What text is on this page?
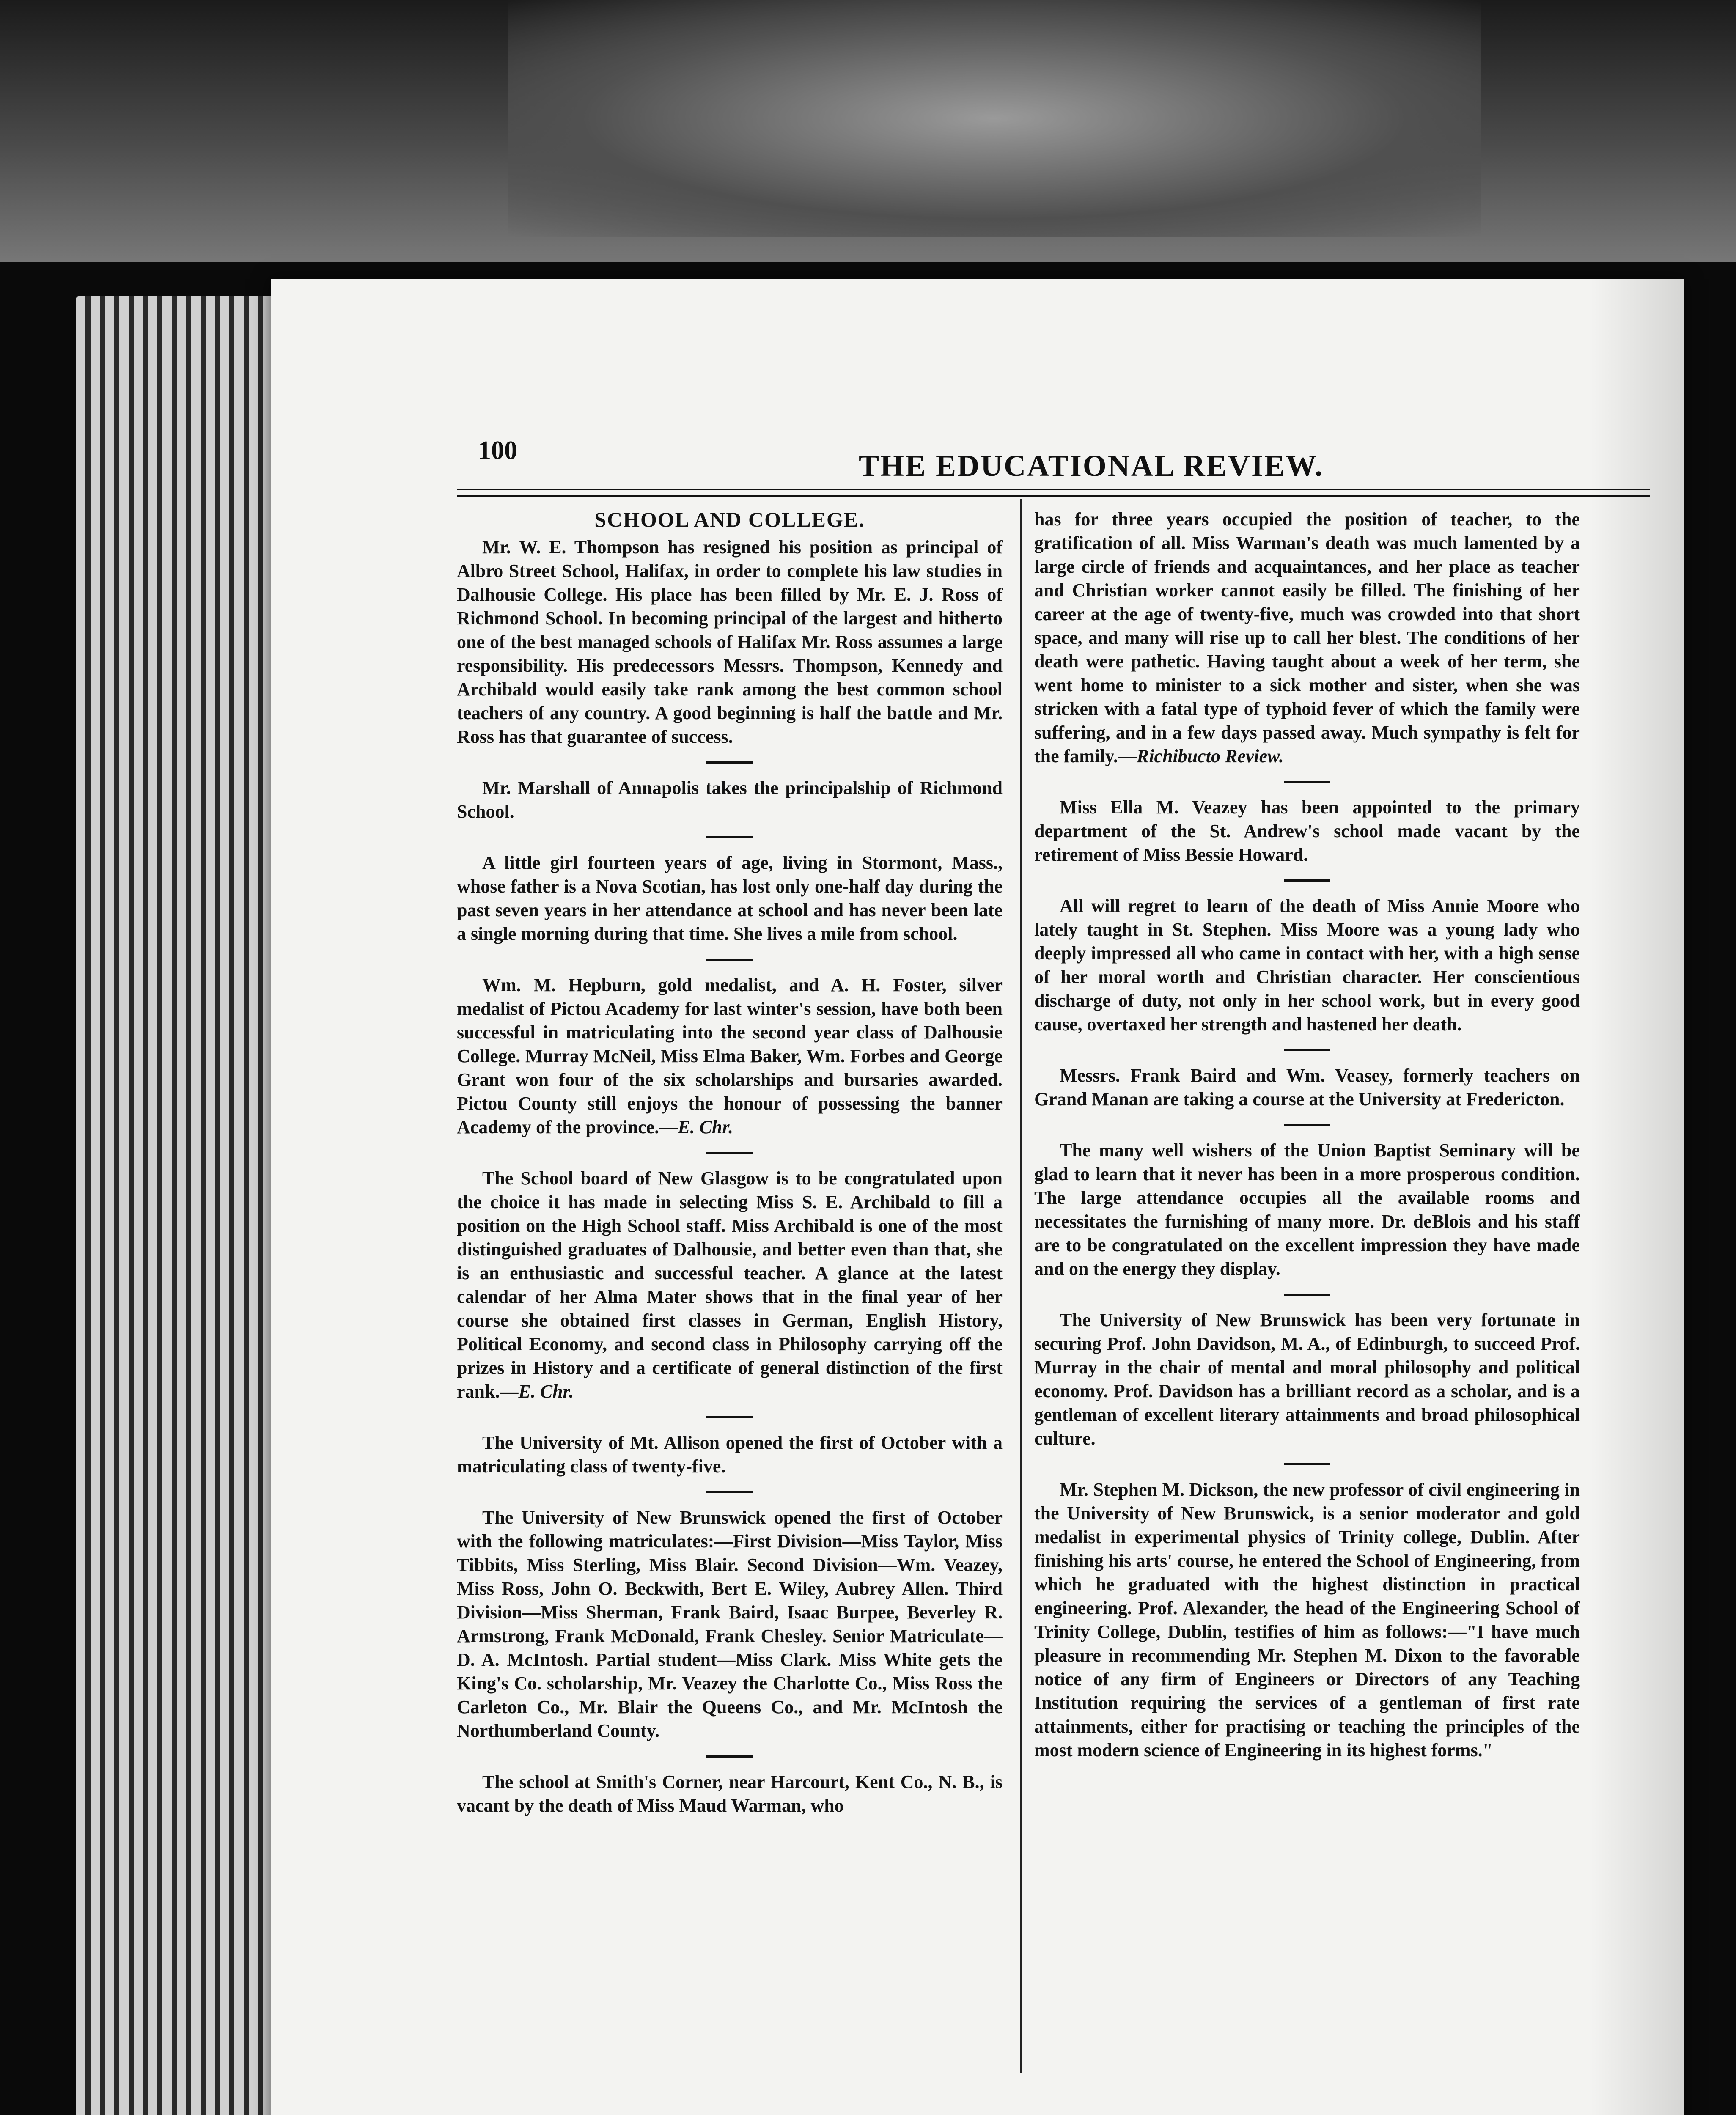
100	THE EDUCATIONAL REVIEW.
SCHOOL AND COLLEGE.

Mr. W. E. Thompson has resigned his position as principal of Albro Street School, Halifax, in order to complete his law studies in Dalhousie College. His place has been filled by Mr. E. J. Ross of Richmond School. In becoming principal of the largest and hitherto one of the best managed schools of Halifax Mr. Ross assumes a large responsibility. His predecessors Messrs. Thompson, Kennedy and Archibald would easily take rank among the best common school teachers of any country. A good beginning is half the battle and Mr. Ross has that guarantee of success.

Mr. Marshall of Annapolis takes the principalship of Richmond School.

A little girl fourteen years of age, living in Stormont, Mass., whose father is a Nova Scotian, has lost only one-half day during the past seven years in her attendance at school and has never been late a single morning during that time. She lives a mile from school.

Wm. M. Hepburn, gold medalist, and A. H. Foster, silver medalist of Pictou Academy for last winter's session, have both been successful in matriculating into the second year class of Dalhousie College. Murray McNeil, Miss Elma Baker, Wm. Forbes and George Grant won four of the six scholarships and bursaries awarded. Pictou County still enjoys the honour of possessing the banner Academy of the province.—E. Chr.

The School board of New Glasgow is to be congratulated upon the choice it has made in selecting Miss S. E. Archibald to fill a position on the High School staff. Miss Archibald is one of the most distinguished graduates of Dalhousie, and better even than that, she is an enthusiastic and successful teacher. A glance at the latest calendar of her Alma Mater shows that in the final year of her course she obtained first classes in German, English History, Political Economy, and second class in Philosophy carrying off the prizes in History and a certificate of general distinction of the first rank.—E. Chr.

The University of Mt. Allison opened the first of October with a matriculating class of twenty-five.

The University of New Brunswick opened the first of October with the following matriculates:—First Division—Miss Taylor, Miss Tibbits, Miss Sterling, Miss Blair. Second Division—Wm. Veazey, Miss Ross, John O. Beckwith, Bert E. Wiley, Aubrey Allen. Third Division—Miss Sherman, Frank Baird, Isaac Burpee, Beverley R. Armstrong, Frank McDonald, Frank Chesley. Senior Matriculate—D. A. McIntosh. Partial student—Miss Clark. Miss White gets the King's Co. scholarship, Mr. Veazey the Charlotte Co., Miss Ross the Carleton Co., Mr. Blair the Queens Co., and Mr. McIntosh the Northumberland County.

The school at Smith's Corner, near Harcourt, Kent Co., N. B., is vacant by the death of Miss Maud Warman, who

has for three years occupied the position of teacher, to the gratification of all. Miss Warman's death was much lamented by a large circle of friends and acquaintances, and her place as teacher and Christian worker cannot easily be filled. The finishing of her career at the age of twenty-five, much was crowded into that short space, and many will rise up to call her blest. The conditions of her death were pathetic. Having taught about a week of her term, she went home to minister to a sick mother and sister, when she was stricken with a fatal type of typhoid fever of which the family were suffering, and in a few days passed away. Much sympathy is felt for the family.—Richibucto Review.

Miss Ella M. Veazey has been appointed to the primary department of the St. Andrew's school made vacant by the retirement of Miss Bessie Howard.

All will regret to learn of the death of Miss Annie Moore who lately taught in St. Stephen. Miss Moore was a young lady who deeply impressed all who came in contact with her, with a high sense of her moral worth and Christian character. Her conscientious discharge of duty, not only in her school work, but in every good cause, overtaxed her strength and hastened her death.

Messrs. Frank Baird and Wm. Veasey, formerly teachers on Grand Manan are taking a course at the University at Fredericton.

The many well wishers of the Union Baptist Seminary will be glad to learn that it never has been in a more prosperous condition. The large attendance occupies all the available rooms and necessitates the furnishing of many more. Dr. deBlois and his staff are to be congratulated on the excellent impression they have made and on the energy they display.

The University of New Brunswick has been very fortunate in securing Prof. John Davidson, M. A., of Edinburgh, to succeed Prof. Murray in the chair of mental and moral philosophy and political economy. Prof. Davidson has a brilliant record as a scholar, and is a gentleman of excellent literary attainments and broad philosophical culture.

Mr. Stephen M. Dickson, the new professor of civil engineering in the University of New Brunswick, is a senior moderator and gold medalist in experimental physics of Trinity college, Dublin. After finishing his arts' course, he entered the School of Engineering, from which he graduated with the highest distinction in practical engineering. Prof. Alexander, the head of the Engineering School of Trinity College, Dublin, testifies of him as follows:—"I have much pleasure in recommending Mr. Stephen M. Dixon to the favorable notice of any firm of Engineers or Directors of any Teaching Institution requiring the services of a gentleman of first rate attainments, either for practising or teaching the principles of the most modern science of Engineering in its highest forms."
